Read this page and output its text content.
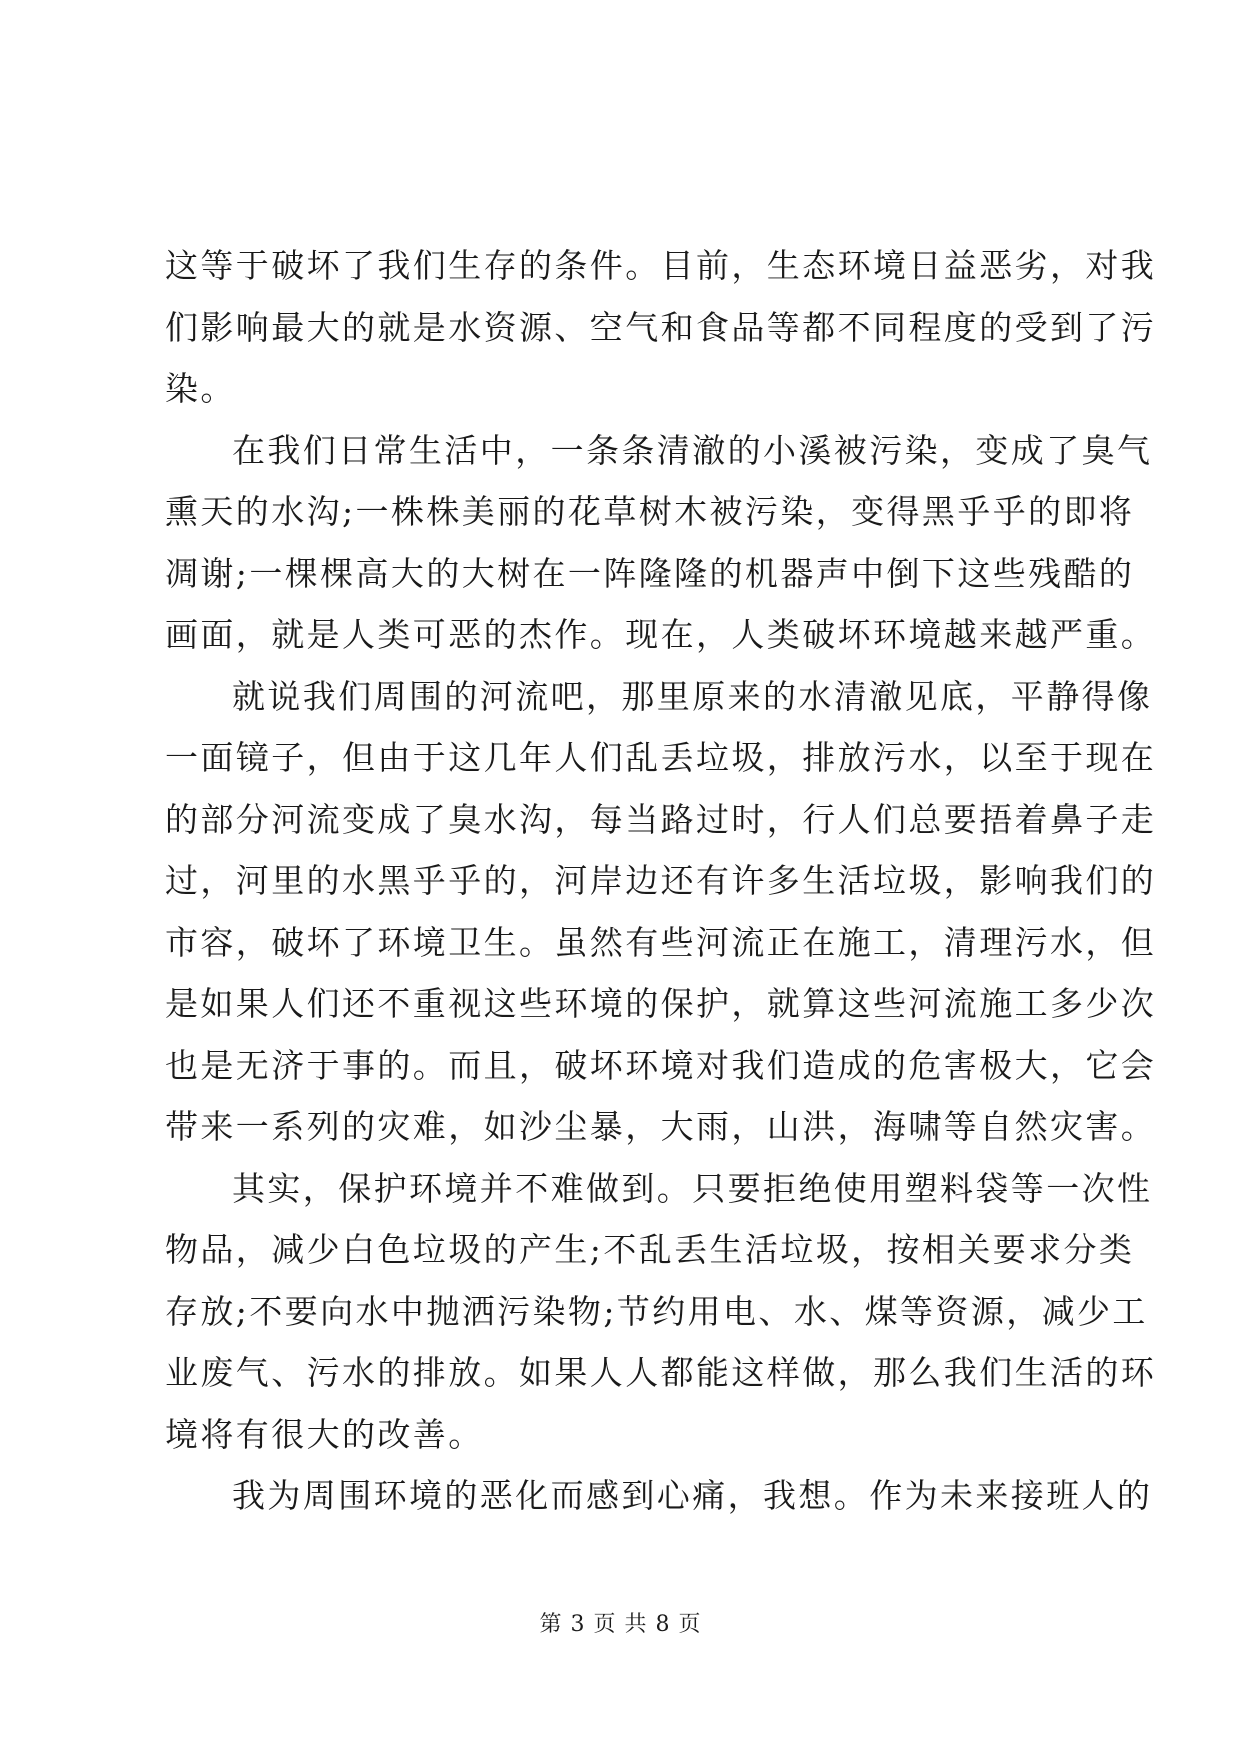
这等于破坏了我们生存的条件。目前，生态环境日益恶劣，对我
们影响最大的就是水资源、空气和食品等都不同程度的受到了污
染。
在我们日常生活中，一条条清澈的小溪被污染，变成了臭气
熏天的水沟;一株株美丽的花草树木被污染，变得黑乎乎的即将
凋谢;一棵棵高大的大树在一阵隆隆的机器声中倒下这些残酷的
画面，就是人类可恶的杰作。现在，人类破坏环境越来越严重。
就说我们周围的河流吧，那里原来的水清澈见底，平静得像
一面镜子，但由于这几年人们乱丢垃圾，排放污水，以至于现在
的部分河流变成了臭水沟，每当路过时，行人们总要捂着鼻子走
过，河里的水黑乎乎的，河岸边还有许多生活垃圾，影响我们的
市容，破坏了环境卫生。虽然有些河流正在施工，清理污水，但
是如果人们还不重视这些环境的保护，就算这些河流施工多少次
也是无济于事的。而且，破坏环境对我们造成的危害极大，它会
带来一系列的灾难，如沙尘暴，大雨，山洪，海啸等自然灾害。
其实，保护环境并不难做到。只要拒绝使用塑料袋等一次性
物品，减少白色垃圾的产生;不乱丢生活垃圾，按相关要求分类
存放;不要向水中抛洒污染物;节约用电、水、煤等资源，减少工
业废气、污水的排放。如果人人都能这样做，那么我们生活的环
境将有很大的改善。
我为周围环境的恶化而感到心痛，我想。作为未来接班人的
第 3 页 共 8 页
